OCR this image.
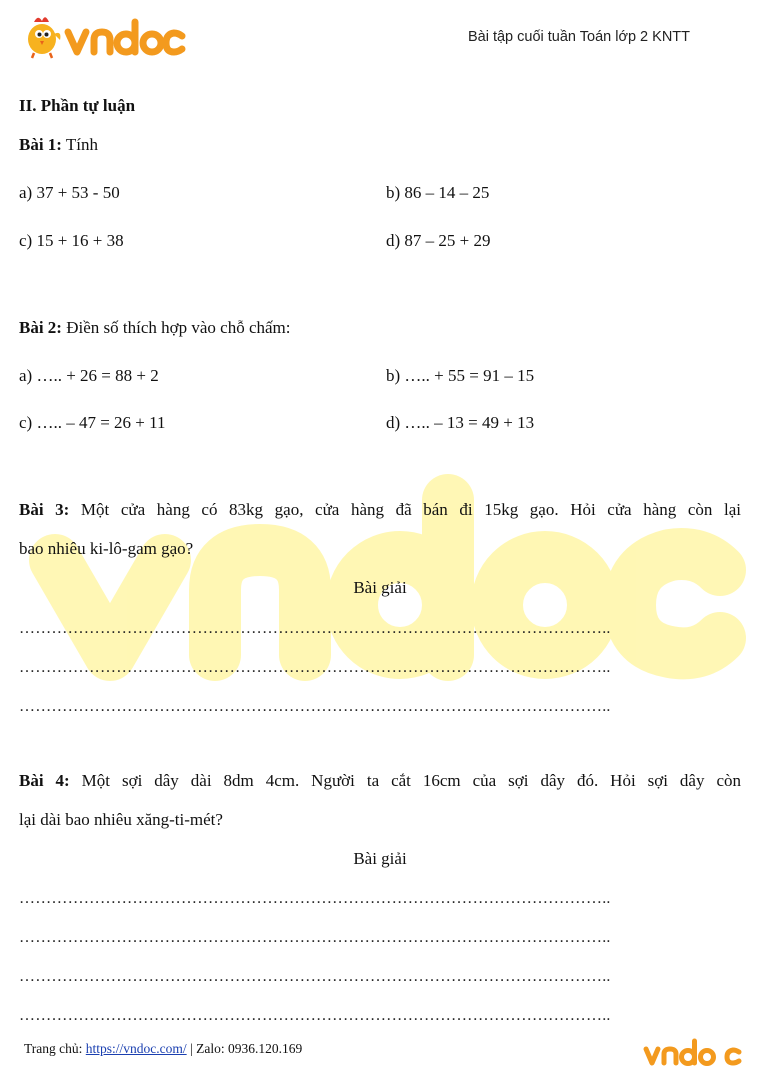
Bài tập cuối tuần Toán lớp 2 KNTT
II. Phần tự luận
Bài 1: Tính
a) 37 + 53 - 50	b) 86 – 14 – 25
c) 15 + 16 + 38	d) 87 – 25 + 29
Bài 2: Điền số thích hợp vào chỗ chấm:
a) ….. + 26 = 88 + 2	b) ….. + 55 = 91 – 15
c) ….. – 47 = 26 + 11	d) ….. – 13 = 49 + 13
Bài 3: Một cửa hàng có 83kg gạo, cửa hàng đã bán đi 15kg gạo. Hỏi cửa hàng còn lại
bao nhiêu ki-lô-gam gạo?
Bài giải
………………………………………………………………………………………………..
………………………………………………………………………………………………..
………………………………………………………………………………………………..
Bài 4: Một sợi dây dài 8dm 4cm. Người ta cắt 16cm của sợi dây đó. Hỏi sợi dây còn
lại dài bao nhiêu xăng-ti-mét?
Bài giải
………………………………………………………………………………………………..
………………………………………………………………………………………………..
………………………………………………………………………………………………..
………………………………………………………………………………………………..
Trang chủ: https://vndoc.com/ | Zalo: 0936.120.169
